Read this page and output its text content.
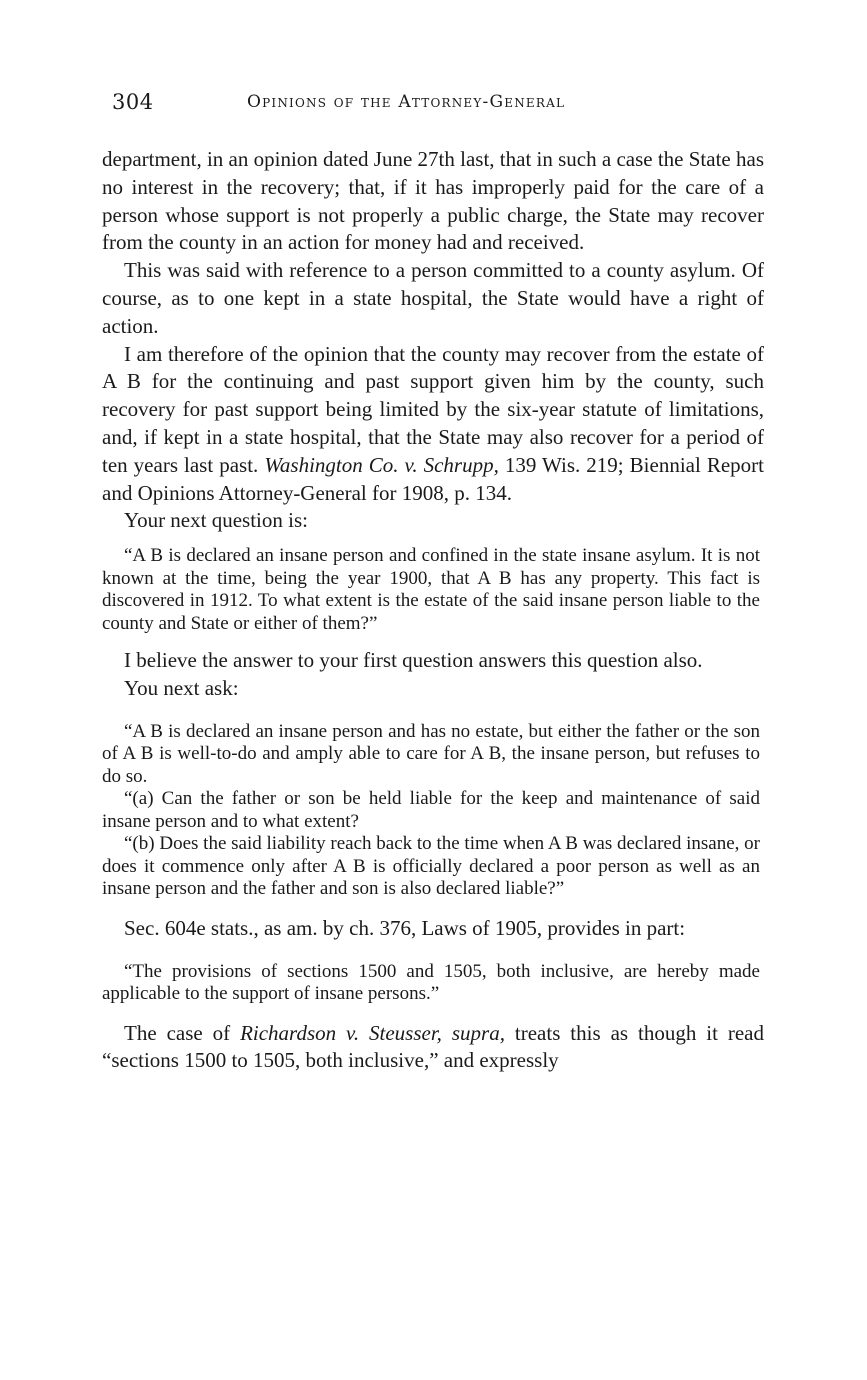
304	Opinions of the Attorney-General

department, in an opinion dated June 27th last, that in such a case the State has no interest in the recovery; that, if it has improperly paid for the care of a person whose support is not properly a public charge, the State may recover from the county in an action for money had and received.

This was said with reference to a person committed to a county asylum. Of course, as to one kept in a state hospital, the State would have a right of action.

I am therefore of the opinion that the county may recover from the estate of A B for the continuing and past support given him by the county, such recovery for past support being limited by the six-year statute of limitations, and, if kept in a state hospital, that the State may also recover for a period of ten years last past. Washington Co. v. Schrupp, 139 Wis. 219; Biennial Report and Opinions Attorney-General for 1908, p. 134.

Your next question is:

“A B is declared an insane person and confined in the state insane asylum. It is not known at the time, being the year 1900, that A B has any property. This fact is discovered in 1912. To what extent is the estate of the said insane person liable to the county and State or either of them?”

I believe the answer to your first question answers this question also.

You next ask:

“A B is declared an insane person and has no estate, but either the father or the son of A B is well-to-do and amply able to care for A B, the insane person, but refuses to do so.

“(a) Can the father or son be held liable for the keep and maintenance of said insane person and to what extent?

“(b) Does the said liability reach back to the time when A B was declared insane, or does it commence only after A B is officially declared a poor person as well as an insane person and the father and son is also declared liable?”

Sec. 604e stats., as am. by ch. 376, Laws of 1905, provides in part:

“The provisions of sections 1500 and 1505, both inclusive, are hereby made applicable to the support of insane persons.”

The case of Richardson v. Steusser, supra, treats this as though it read “sections 1500 to 1505, both inclusive,” and expressly
